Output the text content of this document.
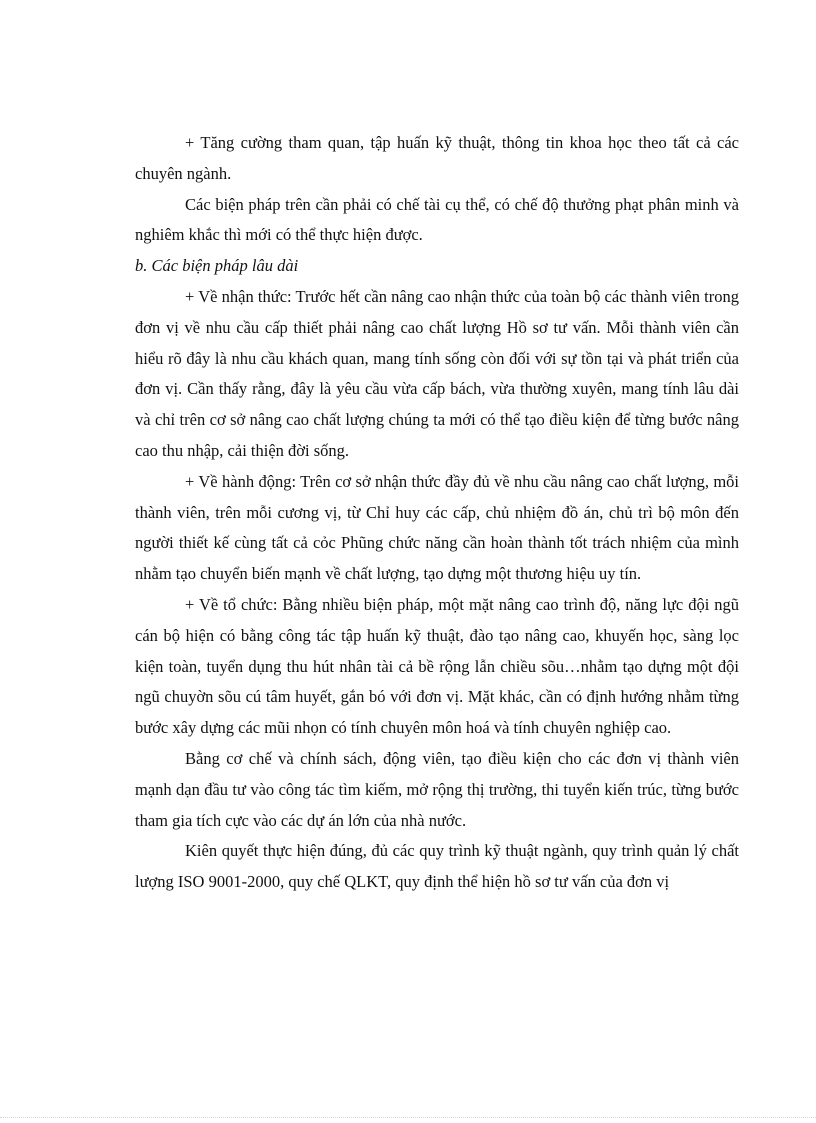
+ Tăng cường tham quan, tập huấn kỹ thuật, thông tin khoa học theo tất cả các chuyên ngành.

Các biện pháp trên cần phải có chế tài cụ thể, có chế độ thưởng phạt phân minh và nghiêm khắc thì mới có thể thực hiện được.

b. Các biện pháp lâu dài

+ Về nhận thức: Trước hết cần nâng cao nhận thức của toàn bộ các thành viên trong đơn vị về nhu cầu cấp thiết phải nâng cao chất lượng Hồ sơ tư vấn. Mỗi thành viên cần hiểu rõ đây là nhu cầu khách quan, mang tính sống còn đối với sự tồn tại và phát triển của đơn vị. Cần thấy rằng, đây là yêu cầu vừa cấp bách, vừa thường xuyên, mang tính lâu dài và chỉ trên cơ sở nâng cao chất lượng chúng ta mới có thể tạo điều kiện để từng bước nâng cao thu nhập, cải thiện đời sống.

+ Về hành động: Trên cơ sở nhận thức đầy đủ về nhu cầu nâng cao chất lượng, mỗi thành viên, trên mỗi cương vị, từ Chỉ huy các cấp, chủ nhiệm đồ án, chủ trì bộ môn đến người thiết kế cùng tất cả cỏc Phũng chức năng cần hoàn thành tốt trách nhiệm của mình nhằm tạo chuyển biến mạnh về chất lượng, tạo dựng một thương hiệu uy tín.

+ Về tổ chức: Bằng nhiều biện pháp, một mặt nâng cao trình độ, năng lực đội ngũ cán bộ hiện có bằng công tác tập huấn kỹ thuật, đào tạo nâng cao, khuyến học, sàng lọc kiện toàn, tuyển dụng thu hút nhân tài cả bề rộng lẫn chiều sõu…nhằm tạo dựng một đội ngũ chuyờn sõu cú tâm huyết, gắn bó với đơn vị. Mặt khác, cần có định hướng nhằm từng bước xây dựng các mũi nhọn có tính chuyên môn hoá và tính chuyên nghiệp cao.

Bằng cơ chế và chính sách, động viên, tạo điều kiện cho các đơn vị thành viên mạnh dạn đầu tư vào công tác tìm kiếm, mở rộng thị trường, thi tuyển kiến trúc, từng bước tham gia tích cực vào các dự án lớn của nhà nước.

Kiên quyết thực hiện đúng, đủ các quy trình kỹ thuật ngành, quy trình quản lý chất lượng ISO 9001-2000, quy chế QLKT, quy định thể hiện hồ sơ tư vấn của đơn vị
